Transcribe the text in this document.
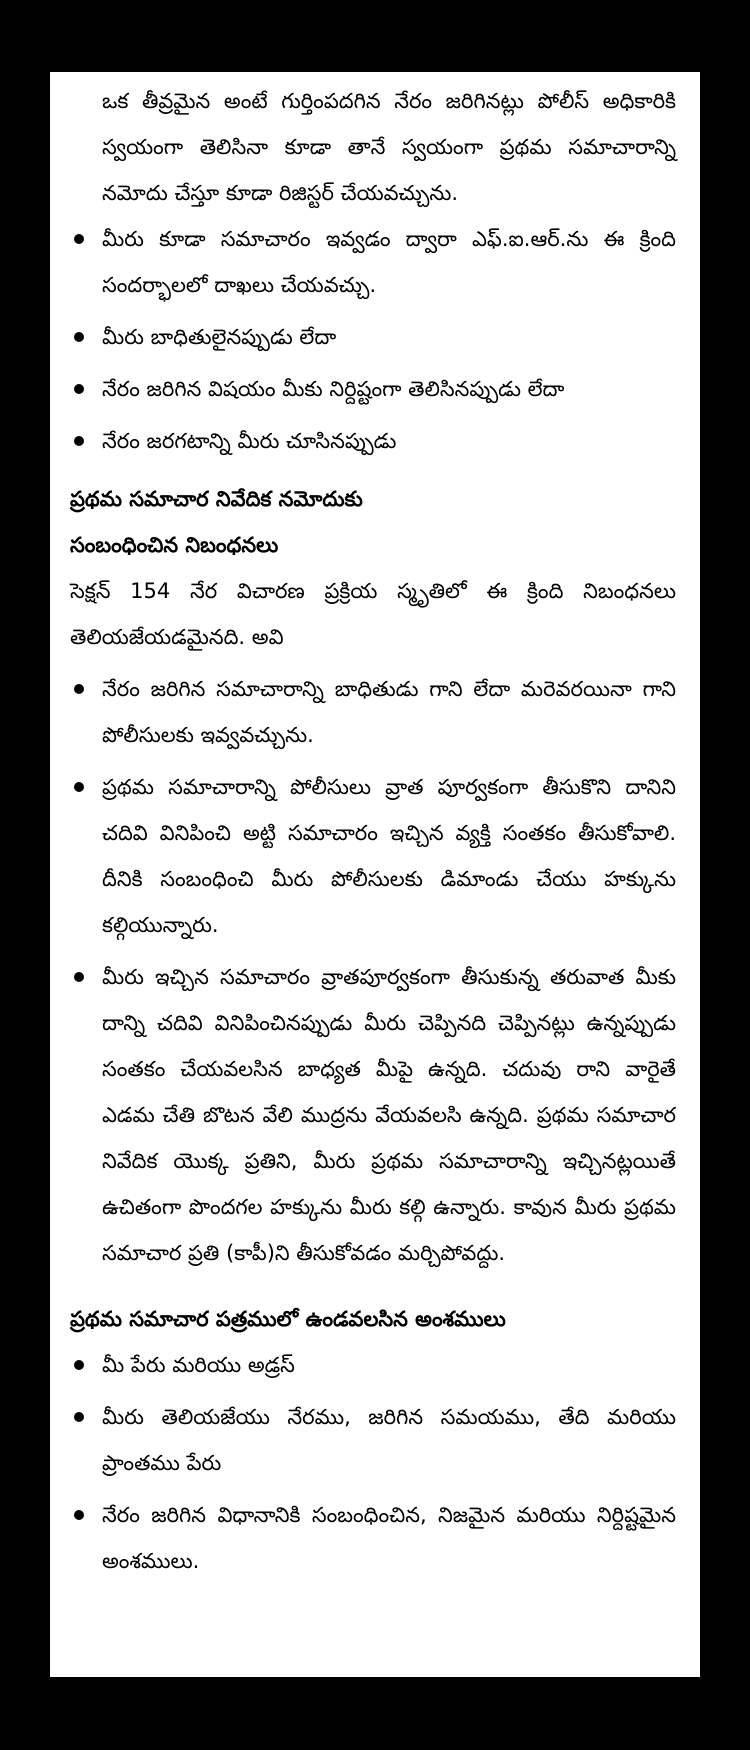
ఒక తీవ్రమైన అంటే గుర్తింపదగిన నేరం జరిగినట్లు పోలీస్ అధికారికి స్వయంగా తెలిసినా కూడా తానే స్వయంగా ప్రథమ సమాచారాన్ని నమోదు చేస్తూ కూడా రిజిస్టర్ చేయవచ్చును.

మీరు కూడా సమాచారం ఇవ్వడం ద్వారా ఎఫ్.ఐ.ఆర్.ను ఈ క్రింది సందర్భాలలో దాఖలు చేయవచ్చు.
మీరు బాధితులైనప్పుడు లేదా
నేరం జరిగిన విషయం మీకు నిర్దిష్టంగా తెలిసినప్పుడు లేదా
నేరం జరగటాన్ని మీరు చూసినప్పుడు

ప్రథమ సమాచార నివేదిక నమోదుకు

సంబంధించిన నిబంధనలు

సెక్షన్ 154 నేర విచారణ ప్రక్రియ స్మృతిలో ఈ క్రింది నిబంధనలు తెలియజేయడమైనది. అవి

నేరం జరిగిన సమాచారాన్ని బాధితుడు గాని లేదా మరెవరయినా గాని పోలీసులకు ఇవ్వవచ్చును.
ప్రథమ సమాచారాన్ని పోలీసులు వ్రాత పూర్వకంగా తీసుకొని దానిని చదివి వినిపించి అట్టి సమాచారం ఇచ్చిన వ్యక్తి సంతకం తీసుకోవాలి. దీనికి సంబంధించి మీరు పోలీసులకు డిమాండు చేయు హక్కును కల్గియున్నారు.
మీరు ఇచ్చిన సమాచారం వ్రాతపూర్వకంగా తీసుకున్న తరువాత మీకు దాన్ని చదివి వినిపించినప్పుడు మీరు చెప్పినది చెప్పినట్లు ఉన్నప్పుడు సంతకం చేయవలసిన బాధ్యత మీపై ఉన్నది. చదువు రాని వారైతే ఎడమ చేతి బొటన వేలి ముద్రను వేయవలసి ఉన్నది. ప్రథమ సమాచార నివేదిక యొక్క ప్రతిని, మీరు ప్రథమ సమాచారాన్ని ఇచ్చినట్లయితే ఉచితంగా పొందగల హక్కును మీరు కల్గి ఉన్నారు. కావున మీరు ప్రథమ సమాచార ప్రతి (కాపీ)ని తీసుకోవడం మర్చిపోవద్దు.

ప్రథమ సమాచార పత్రములో ఉండవలసిన అంశములు

మీ పేరు మరియు అడ్రస్
మీరు తెలియజేయు నేరము, జరిగిన సమయము, తేది మరియు ప్రాంతము పేరు
నేరం జరిగిన విధానానికి సంబంధించిన, నిజమైన మరియు నిర్దిష్టమైన అంశములు.
